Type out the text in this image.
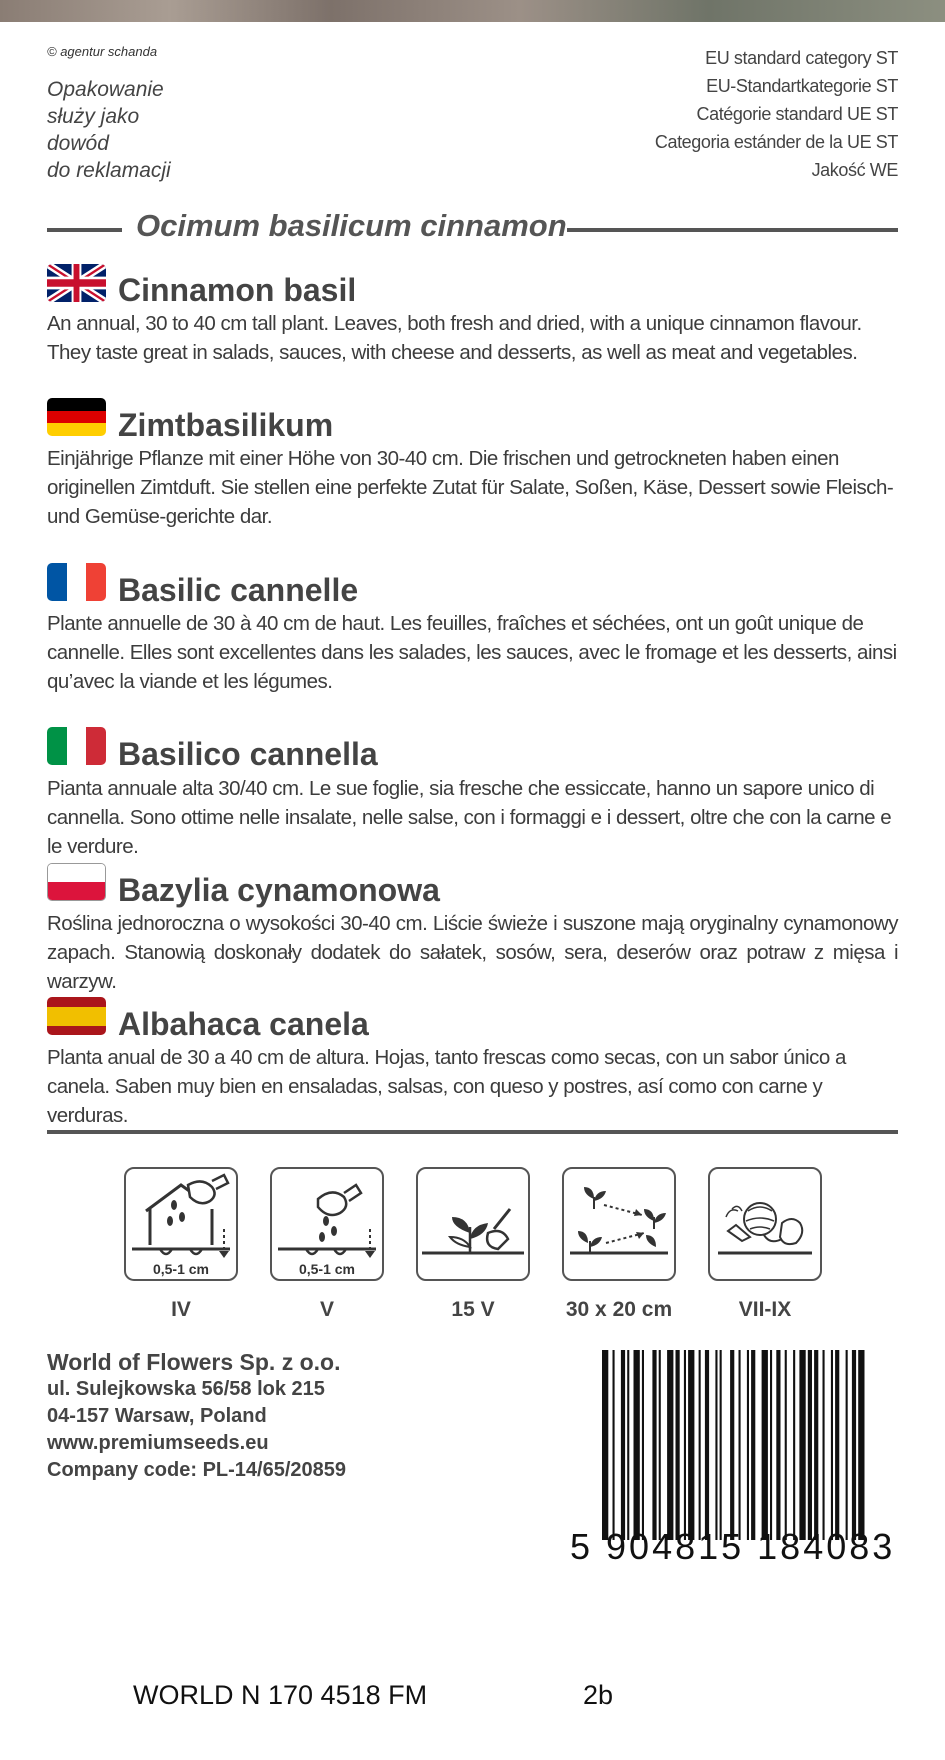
© agentur schanda
Opakowanie
służy jako
dowód
do reklamacji
EU standard category ST
EU-Standartkategorie ST
Catégorie standard UE ST
Categoria estánder de la UE ST
Jakość WE
Ocimum basilicum cinnamon
Cinnamon basil
An annual, 30 to 40 cm tall plant. Leaves, both fresh and dried, with a unique cinnamon flavour. They taste great in salads, sauces, with cheese and desserts, as well as meat and vegetables.
Zimtbasilikum
Einjährige Pflanze mit einer Höhe von 30-40 cm. Die frischen und getrockneten haben einen originellen Zimtduft. Sie stellen eine perfekte Zutat für Salate, Soßen, Käse, Dessert sowie Fleisch- und Gemüse-gerichte dar.
Basilic cannelle
Plante annuelle de 30 à 40 cm de haut. Les feuilles, fraîches et séchées, ont un goût unique de cannelle. Elles sont excellentes dans les salades, les sauces, avec le fromage et les desserts, ainsi qu’avec la viande et les légumes.
Basilico cannella
Pianta annuale alta 30/40 cm. Le sue foglie, sia fresche che essiccate, hanno un sapore unico di cannella. Sono ottime nelle insalate, nelle salse, con i formaggi e i dessert, oltre che con la carne e le verdure.
Bazylia cynamonowa
Roślina jednoroczna o wysokości 30-40 cm. Liście świeże i suszone mają oryginalny cynamonowy zapach. Stanowią doskonały dodatek do sałatek, sosów, sera, deserów oraz potraw z mięsa i warzyw.
Albahaca canela
Planta anual de 30 a 40 cm de altura. Hojas, tanto frescas como secas, con un sabor único a canela. Saben muy bien en ensaladas, salsas, con queso y postres, así como con carne y verduras.
0,5-1 cm	0,5-1 cm
IV	V	15 V	30 x 20 cm	VII-IX
World of Flowers Sp. z o.o.
ul. Sulejkowska 56/58 lok 215
04-157 Warsaw, Poland
www.premiumseeds.eu
Company code: PL-14/65/20859
5 904815 184083
WORLD N 170 4518 FM	2b
